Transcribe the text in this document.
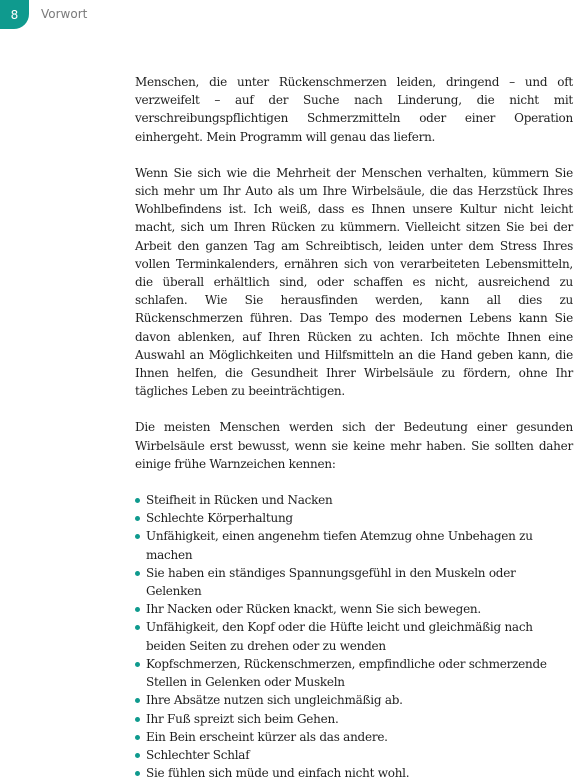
8 Vorwort

Menschen, die unter Rückenschmerzen leiden, dringend – und oft verzweifelt – auf der Suche nach Linderung, die nicht mit verschreibungspflichtigen Schmerzmitteln oder einer Operation einhergeht. Mein Programm will genau das liefern.

Wenn Sie sich wie die Mehrheit der Menschen verhalten, kümmern Sie sich mehr um Ihr Auto als um Ihre Wirbelsäule, die das Herzstück Ihres Wohlbefindens ist. Ich weiß, dass es Ihnen unsere Kultur nicht leicht macht, sich um Ihren Rücken zu kümmern. Vielleicht sitzen Sie bei der Arbeit den ganzen Tag am Schreibtisch, leiden unter dem Stress Ihres vollen Terminkalenders, ernähren sich von verarbeiteten Lebensmitteln, die überall erhältlich sind, oder schaffen es nicht, ausreichend zu schlafen. Wie Sie herausfinden werden, kann all dies zu Rückenschmerzen führen. Das Tempo des modernen Lebens kann Sie davon ablenken, auf Ihren Rücken zu achten. Ich möchte Ihnen eine Auswahl an Möglichkeiten und Hilfsmitteln an die Hand geben kann, die Ihnen helfen, die Gesundheit Ihrer Wirbelsäule zu fördern, ohne Ihr tägliches Leben zu beeinträchtigen.

Die meisten Menschen werden sich der Bedeutung einer gesunden Wirbelsäule erst bewusst, wenn sie keine mehr haben. Sie sollten daher einige frühe Warnzeichen kennen:

Steifheit in Rücken und Nacken
Schlechte Körperhaltung
Unfähigkeit, einen angenehm tiefen Atemzug ohne Unbehagen zu machen
Sie haben ein ständiges Spannungsgefühl in den Muskeln oder Gelenken
Ihr Nacken oder Rücken knackt, wenn Sie sich bewegen.
Unfähigkeit, den Kopf oder die Hüfte leicht und gleichmäßig nach beiden Seiten zu drehen oder zu wenden
Kopfschmerzen, Rückenschmerzen, empfindliche oder schmerzende Stellen in Gelenken oder Muskeln
Ihre Absätze nutzen sich ungleichmäßig ab.
Ihr Fuß spreizt sich beim Gehen.
Ein Bein erscheint kürzer als das andere.
Schlechter Schlaf
Sie fühlen sich müde und einfach nicht wohl.
